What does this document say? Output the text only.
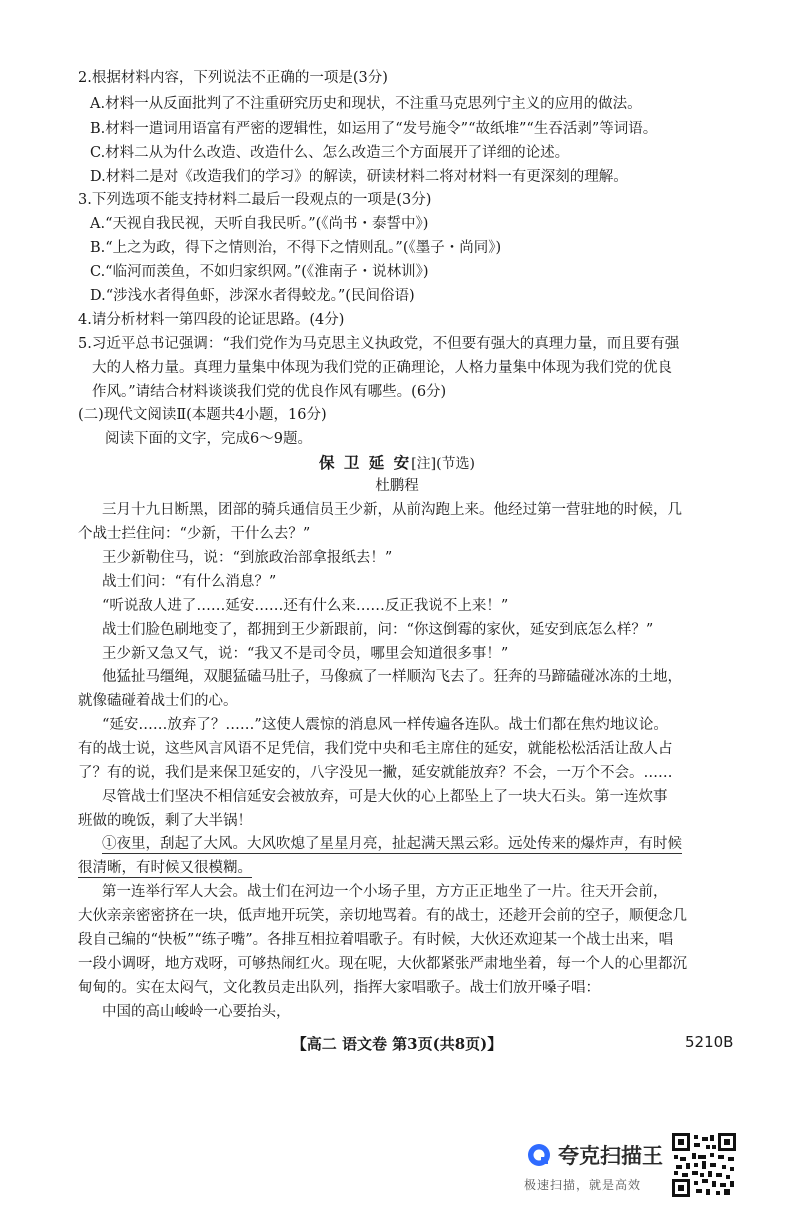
2.根据材料内容，下列说法不正确的一项是(3分)
A.材料一从反面批判了不注重研究历史和现状，不注重马克思列宁主义的应用的做法。
B.材料一遣词用语富有严密的逻辑性，如运用了“发号施令”“故纸堆”“生吞活剥”等词语。
C.材料二从为什么改造、改造什么、怎么改造三个方面展开了详细的论述。
D.材料二是对《改造我们的学习》的解读，研读材料二将对材料一有更深刻的理解。
3.下列选项不能支持材料二最后一段观点的一项是(3分)
A.“天视自我民视，天听自我民听。”(《尚书・泰誓中》)
B.“上之为政，得下之情则治，不得下之情则乱。”(《墨子・尚同》)
C.“临河而羡鱼，不如归家织网。”(《淮南子・说林训》)
D.“涉浅水者得鱼虾，涉深水者得蛟龙。”(民间俗语)
4.请分析材料一第四段的论证思路。(4分)
5.习近平总书记强调：“我们党作为马克思主义执政党，不但要有强大的真理力量，而且要有强
大的人格力量。真理力量集中体现为我们党的正确理论，人格力量集中体现为我们党的优良
作风。”请结合材料谈谈我们党的优良作风有哪些。(6分)
(二)现代文阅读Ⅱ(本题共4小题，16分)
阅读下面的文字，完成6～9题。
保 卫 延 安[注](节选)
杜鹏程
三月十九日断黑，团部的骑兵通信员王少新，从前沟跑上来。他经过第一营驻地的时候，几
个战士拦住问：“少新，干什么去？”
王少新勒住马，说：“到旅政治部拿报纸去！”
战士们问：“有什么消息？”
“听说敌人进了……延安……还有什么来……反正我说不上来！”
战士们脸色刷地变了，都拥到王少新跟前，问：“你这倒霉的家伙，延安到底怎么样？”
王少新又急又气，说：“我又不是司令员，哪里会知道很多事！”
他猛扯马缰绳，双腿猛磕马肚子，马像疯了一样顺沟飞去了。狂奔的马蹄磕碰冰冻的土地，
就像磕碰着战士们的心。
“延安……放弃了？……”这使人震惊的消息风一样传遍各连队。战士们都在焦灼地议论。
有的战士说，这些风言风语不足凭信，我们党中央和毛主席住的延安，就能松松活活让敌人占
了？有的说，我们是来保卫延安的，八字没见一撇，延安就能放弃？不会，一万个不会。……
尽管战士们坚决不相信延安会被放弃，可是大伙的心上都坠上了一块大石头。第一连炊事
班做的晚饭，剩了大半锅！
①夜里，刮起了大风。大风吹熄了星星月亮，扯起满天黑云彩。远处传来的爆炸声，有时候
很清晰，有时候又很模糊。
第一连举行军人大会。战士们在河边一个小场子里，方方正正地坐了一片。往天开会前，
大伙亲亲密密挤在一块，低声地开玩笑，亲切地骂着。有的战士，还趁开会前的空子，顺便念几
段自己编的“快板”“练子嘴”。各排互相拉着唱歌子。有时候，大伙还欢迎某一个战士出来，唱
一段小调呀，地方戏呀，可够热闹红火。现在呢，大伙都紧张严肃地坐着，每一个人的心里都沉
甸甸的。实在太闷气，文化教员走出队列，指挥大家唱歌子。战士们放开嗓子唱：
中国的高山峻岭一心要抬头，
【高二 语文卷 第3页(共8页)】	5210B
夸克扫描王
极速扫描，就是高效
